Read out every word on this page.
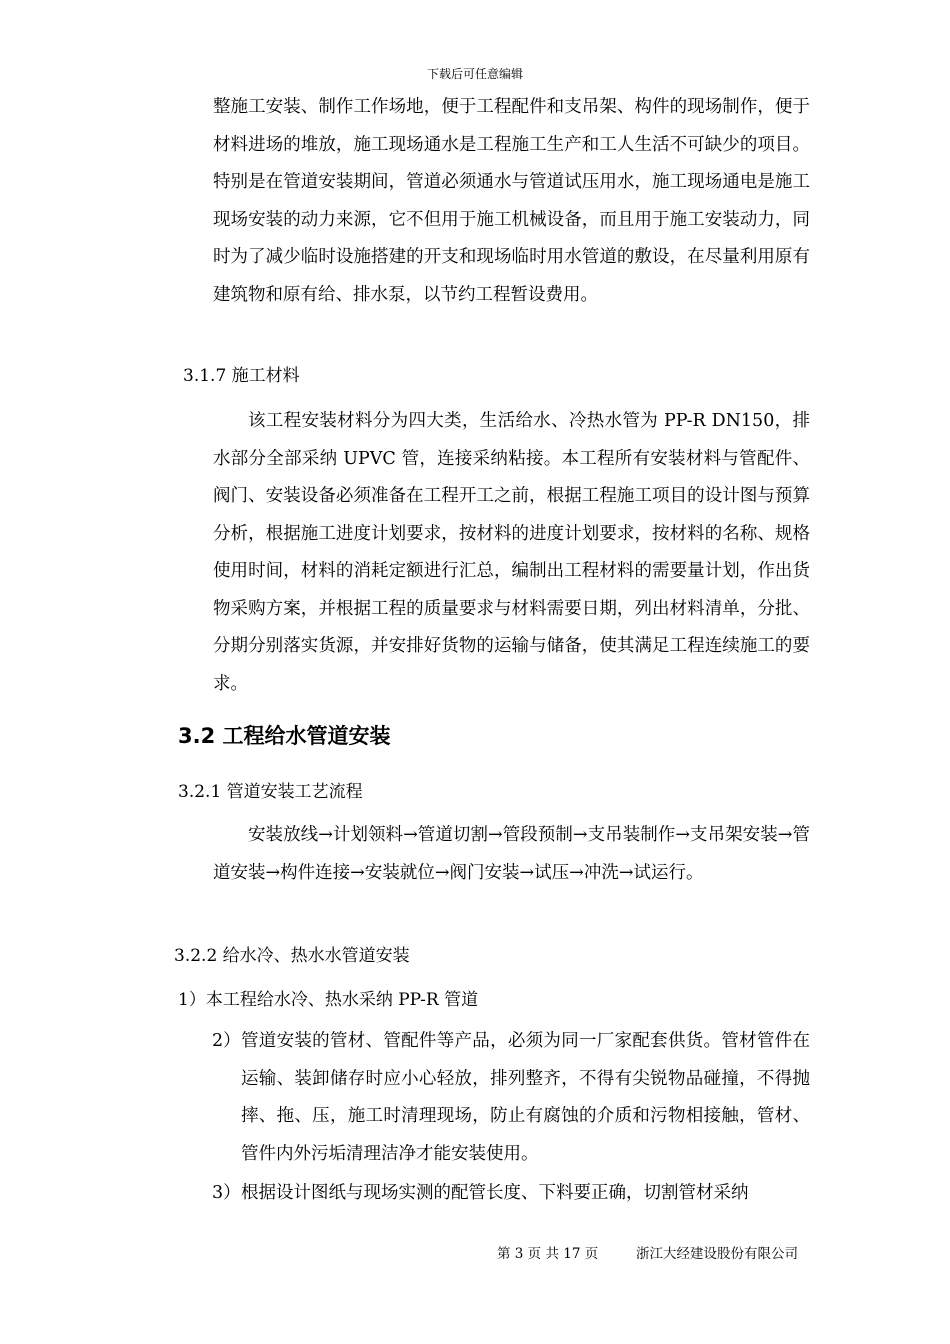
下载后可任意编辑

整施工安装、制作工作场地，便于工程配件和支吊架、构件的现场制作，便于材料进场的堆放，施工现场通水是工程施工生产和工人生活不可缺少的项目。特别是在管道安装期间，管道必须通水与管道试压用水，施工现场通电是施工现场安装的动力来源，它不但用于施工机械设备，而且用于施工安装动力，同时为了减少临时设施搭建的开支和现场临时用水管道的敷设，在尽量利用原有建筑物和原有给、排水泵，以节约工程暂设费用。

3.1.7 施工材料

该工程安装材料分为四大类，生活给水、冷热水管为 PP-R DN150，排水部分全部采纳 UPVC 管，连接采纳粘接。本工程所有安装材料与管配件、阀门、安装设备必须准备在工程开工之前，根据工程施工项目的设计图与预算分析，根据施工进度计划要求，按材料的进度计划要求，按材料的名称、规格使用时间，材料的消耗定额进行汇总，编制出工程材料的需要量计划，作出货物采购方案，并根据工程的质量要求与材料需要日期，列出材料清单，分批、分期分别落实货源，并安排好货物的运输与储备，使其满足工程连续施工的要求。

3.2 工程给水管道安装
3.2.1 管道安装工艺流程

安装放线→计划领料→管道切割→管段预制→支吊装制作→支吊架安装→管道安装→构件连接→安装就位→阀门安装→试压→冲洗→试运行。

3.2.2 给水冷、热水水管道安装
1）本工程给水冷、热水采纳 PP-R 管道
2） 管道安装的管材、管配件等产品，必须为同一厂家配套供货。管材管件在运输、装卸储存时应小心轻放，排列整齐，不得有尖锐物品碰撞，不得抛摔、拖、压，施工时清理现场，防止有腐蚀的介质和污物相接触，管材、管件内外污垢清理洁净才能安装使用。
3） 根据设计图纸与现场实测的配管长度、下料要正确，切割管材采纳
第 3 页 共 17 页	浙江大经建设股份有限公司
